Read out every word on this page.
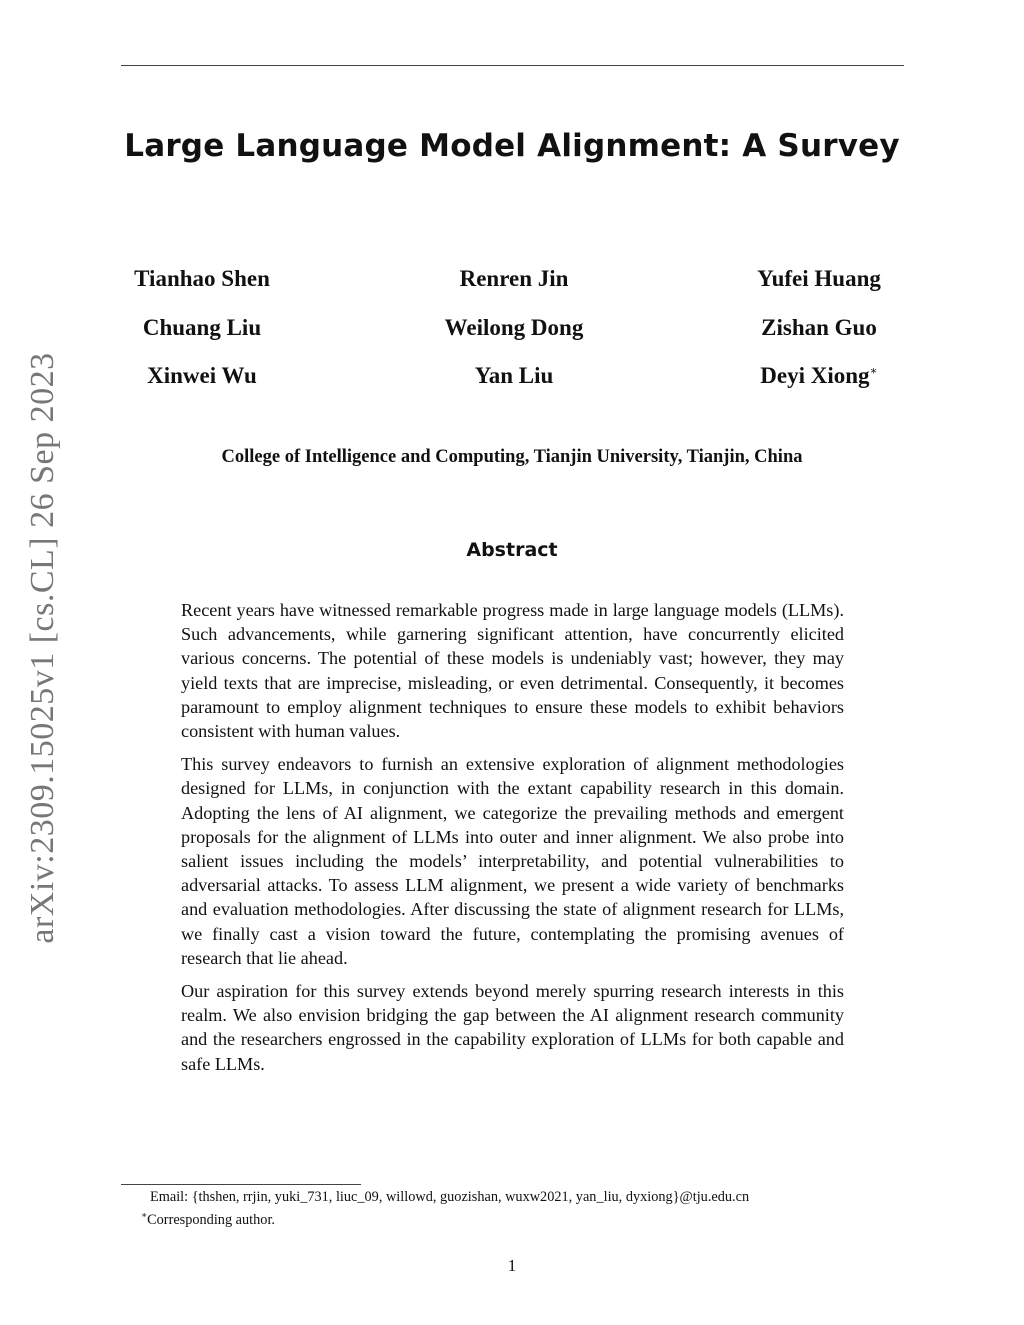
arXiv:2309.15025v1 [cs.CL] 26 Sep 2023
Large Language Model Alignment: A Survey
Tianhao Shen	Renren Jin	Yufei Huang
Chuang Liu	Weilong Dong	Zishan Guo
Xinwei Wu	Yan Liu	Deyi Xiong∗
College of Intelligence and Computing, Tianjin University, Tianjin, China
Abstract

Recent years have witnessed remarkable progress made in large language models (LLMs). Such advancements, while garnering significant attention, have concurrently elicited various concerns. The potential of these models is undeniably vast; however, they may yield texts that are imprecise, misleading, or even detrimental. Consequently, it becomes paramount to employ alignment techniques to ensure these models to exhibit behaviors consistent with human values.

This survey endeavors to furnish an extensive exploration of alignment methodologies designed for LLMs, in conjunction with the extant capability research in this domain. Adopting the lens of AI alignment, we categorize the prevailing methods and emergent proposals for the alignment of LLMs into outer and inner alignment. We also probe into salient issues including the models’ interpretability, and potential vulnerabilities to adversarial attacks. To assess LLM alignment, we present a wide variety of benchmarks and evaluation methodologies. After discussing the state of alignment research for LLMs, we finally cast a vision toward the future, contemplating the promising avenues of research that lie ahead.

Our aspiration for this survey extends beyond merely spurring research interests in this realm. We also envision bridging the gap between the AI alignment research community and the researchers engrossed in the capability exploration of LLMs for both capable and safe LLMs.

Email: {thshen, rrjin, yuki_731, liuc_09, willowd, guozishan, wuxw2021, yan_liu, dyxiong}@tju.edu.cn
∗Corresponding author.
1
